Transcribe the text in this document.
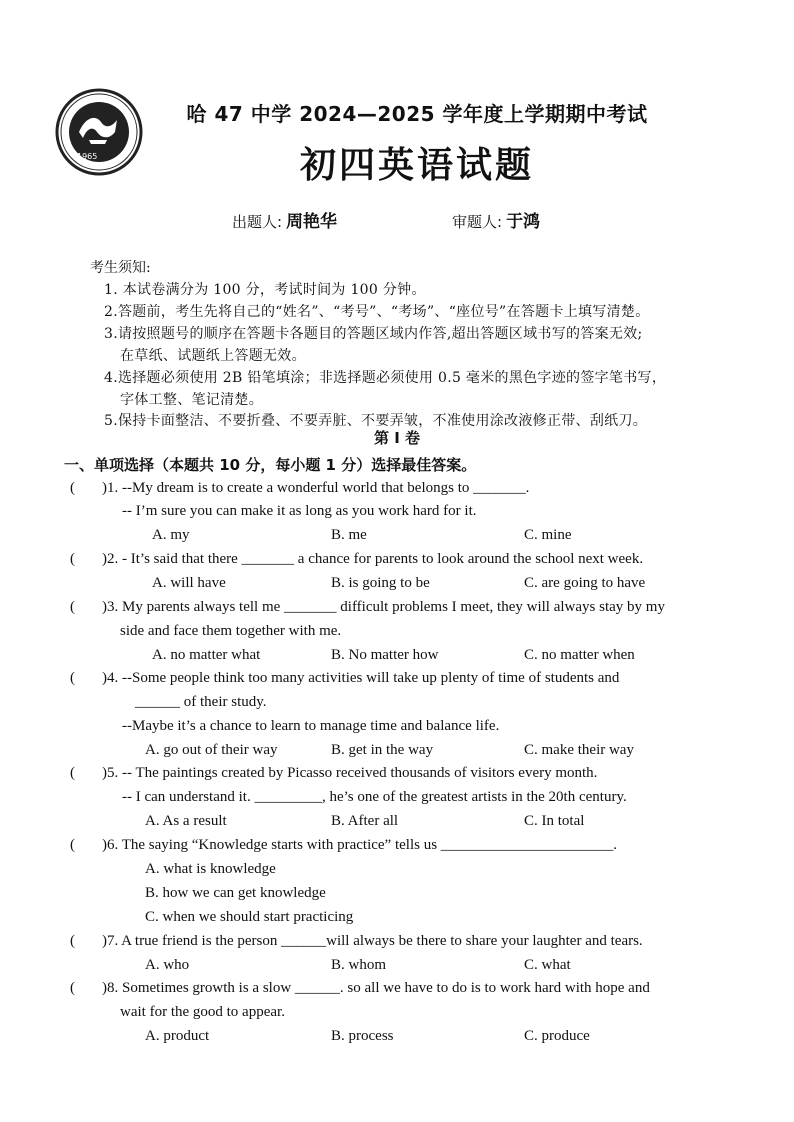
1965
哈 47 中学 2024—2025 学年度上学期期中考试
初四英语试题
出题人: 周艳华	审题人: 于鸿
考生须知:
1. 本试卷满分为 100 分，考试时间为 100 分钟。
2.答题前，考生先将自己的“姓名”、“考号”、“考场”、“座位号”在答题卡上填写清楚。
3.请按照题号的顺序在答题卡各题目的答题区域内作答,超出答题区域书写的答案无效;
在草纸、试题纸上答题无效。
4.选择题必须使用 2B 铅笔填涂；非选择题必须使用 0.5 毫米的黑色字迹的签字笔书写，
字体工整、笔记清楚。
5.保持卡面整洁、不要折叠、不要弄脏、不要弄皱，不准使用涂改液修正带、刮纸刀。
第 I 卷
一、单项选择（本题共 10 分，每小题 1 分）选择最佳答案。
( )1. --My dream is to create a wonderful world that belongs to _______.
-- I’m sure you can make it as long as you work hard for it.
A. my	B. me	C. mine
( )2. - It’s said that there _______ a chance for parents to look around the school next week.
A. will have	B. is going to be	C. are going to have
( )3. My parents always tell me _______ difficult problems I meet, they will always stay by my
side and face them together with me.
A. no matter what	B. No matter how	C. no matter when
( )4. --Some people think too many activities will take up plenty of time of students and
______ of their study.
--Maybe it’s a chance to learn to manage time and balance life.
A. go out of their way	B. get in the way	C. make their way
( )5. -- The paintings created by Picasso received thousands of visitors every month.
-- I can understand it. _________, he’s one of the greatest artists in the 20th century.
A. As a result	B. After all	C. In total
( )6. The saying “Knowledge starts with practice” tells us _______________________.
A. what is knowledge
B. how we can get knowledge
C. when we should start practicing
( )7. A true friend is the person ______will always be there to share your laughter and tears.
A. who	B. whom	C. what
( )8. Sometimes growth is a slow ______. so all we have to do is to work hard with hope and
wait for the good to appear.
A. product	B. process	C. produce
